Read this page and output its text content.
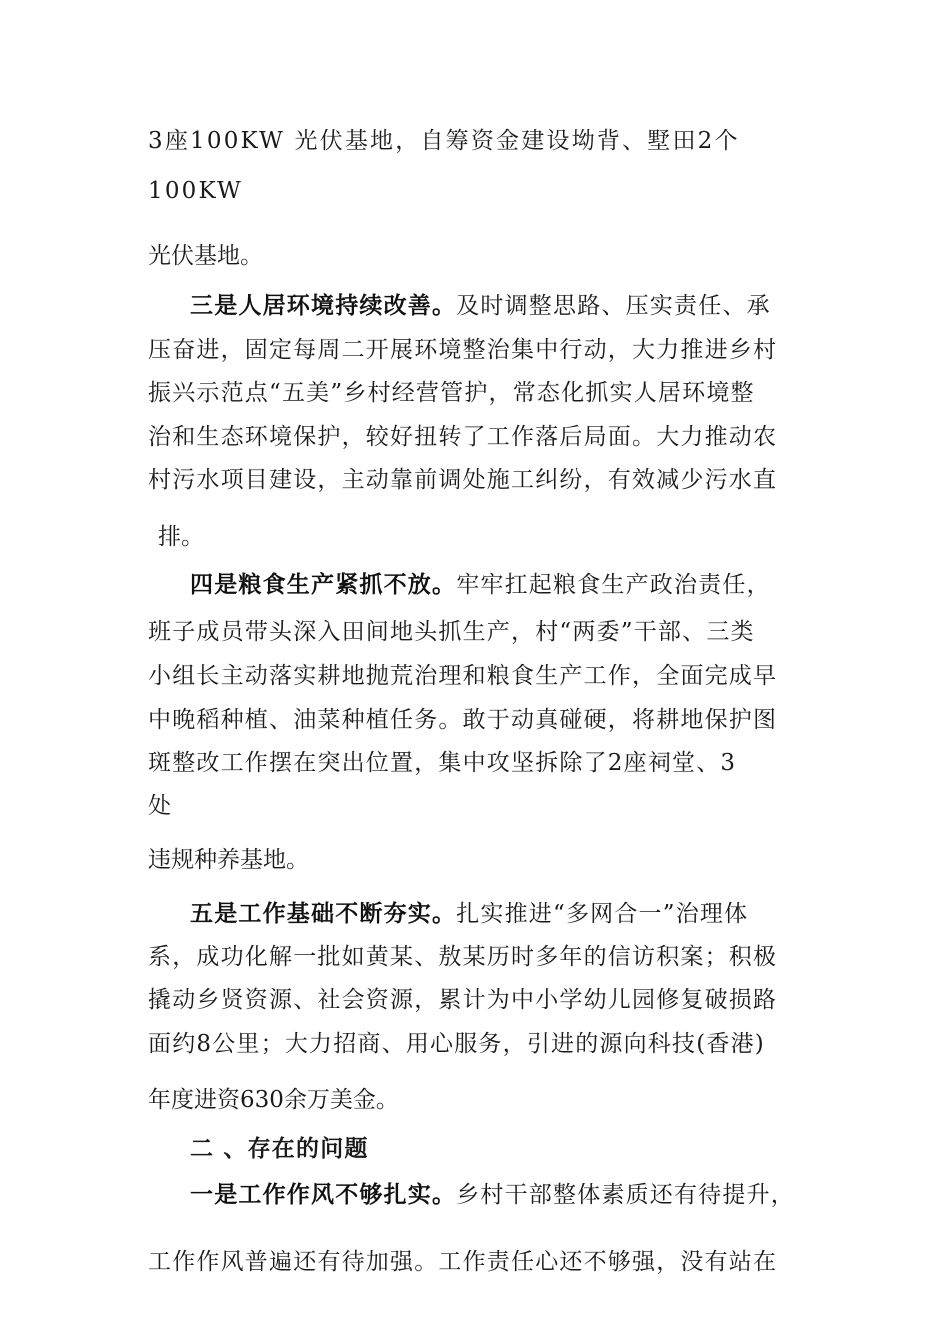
3座100KW 光伏基地，自筹资金建设坳背、墅田2个
100KW
光伏基地。
三是人居环境持续改善。及时调整思路、压实责任、承
压奋进，固定每周二开展环境整治集中行动，大力推进乡村
振兴示范点“五美”乡村经营管护，常态化抓实人居环境整
治和生态环境保护，较好扭转了工作落后局面。大力推动农
村污水项目建设，主动靠前调处施工纠纷，有效减少污水直
排。
四是粮食生产紧抓不放。牢牢扛起粮食生产政治责任，
班子成员带头深入田间地头抓生产，村“两委”干部、三类
小组长主动落实耕地抛荒治理和粮食生产工作，全面完成早
中晚稻种植、油菜种植任务。敢于动真碰硬，将耕地保护图
斑整改工作摆在突出位置，集中攻坚拆除了2座祠堂、3
处
违规种养基地。
五是工作基础不断夯实。扎实推进“多网合一”治理体
系，成功化解一批如黄某、敖某历时多年的信访积案；积极
撬动乡贤资源、社会资源，累计为中小学幼儿园修复破损路
面约8公里；大力招商、用心服务，引进的源向科技(香港)
年度进资630余万美金。
二 、存在的问题
一是工作作风不够扎实。乡村干部整体素质还有待提升，
工作作风普遍还有待加强。工作责任心还不够强，没有站在
